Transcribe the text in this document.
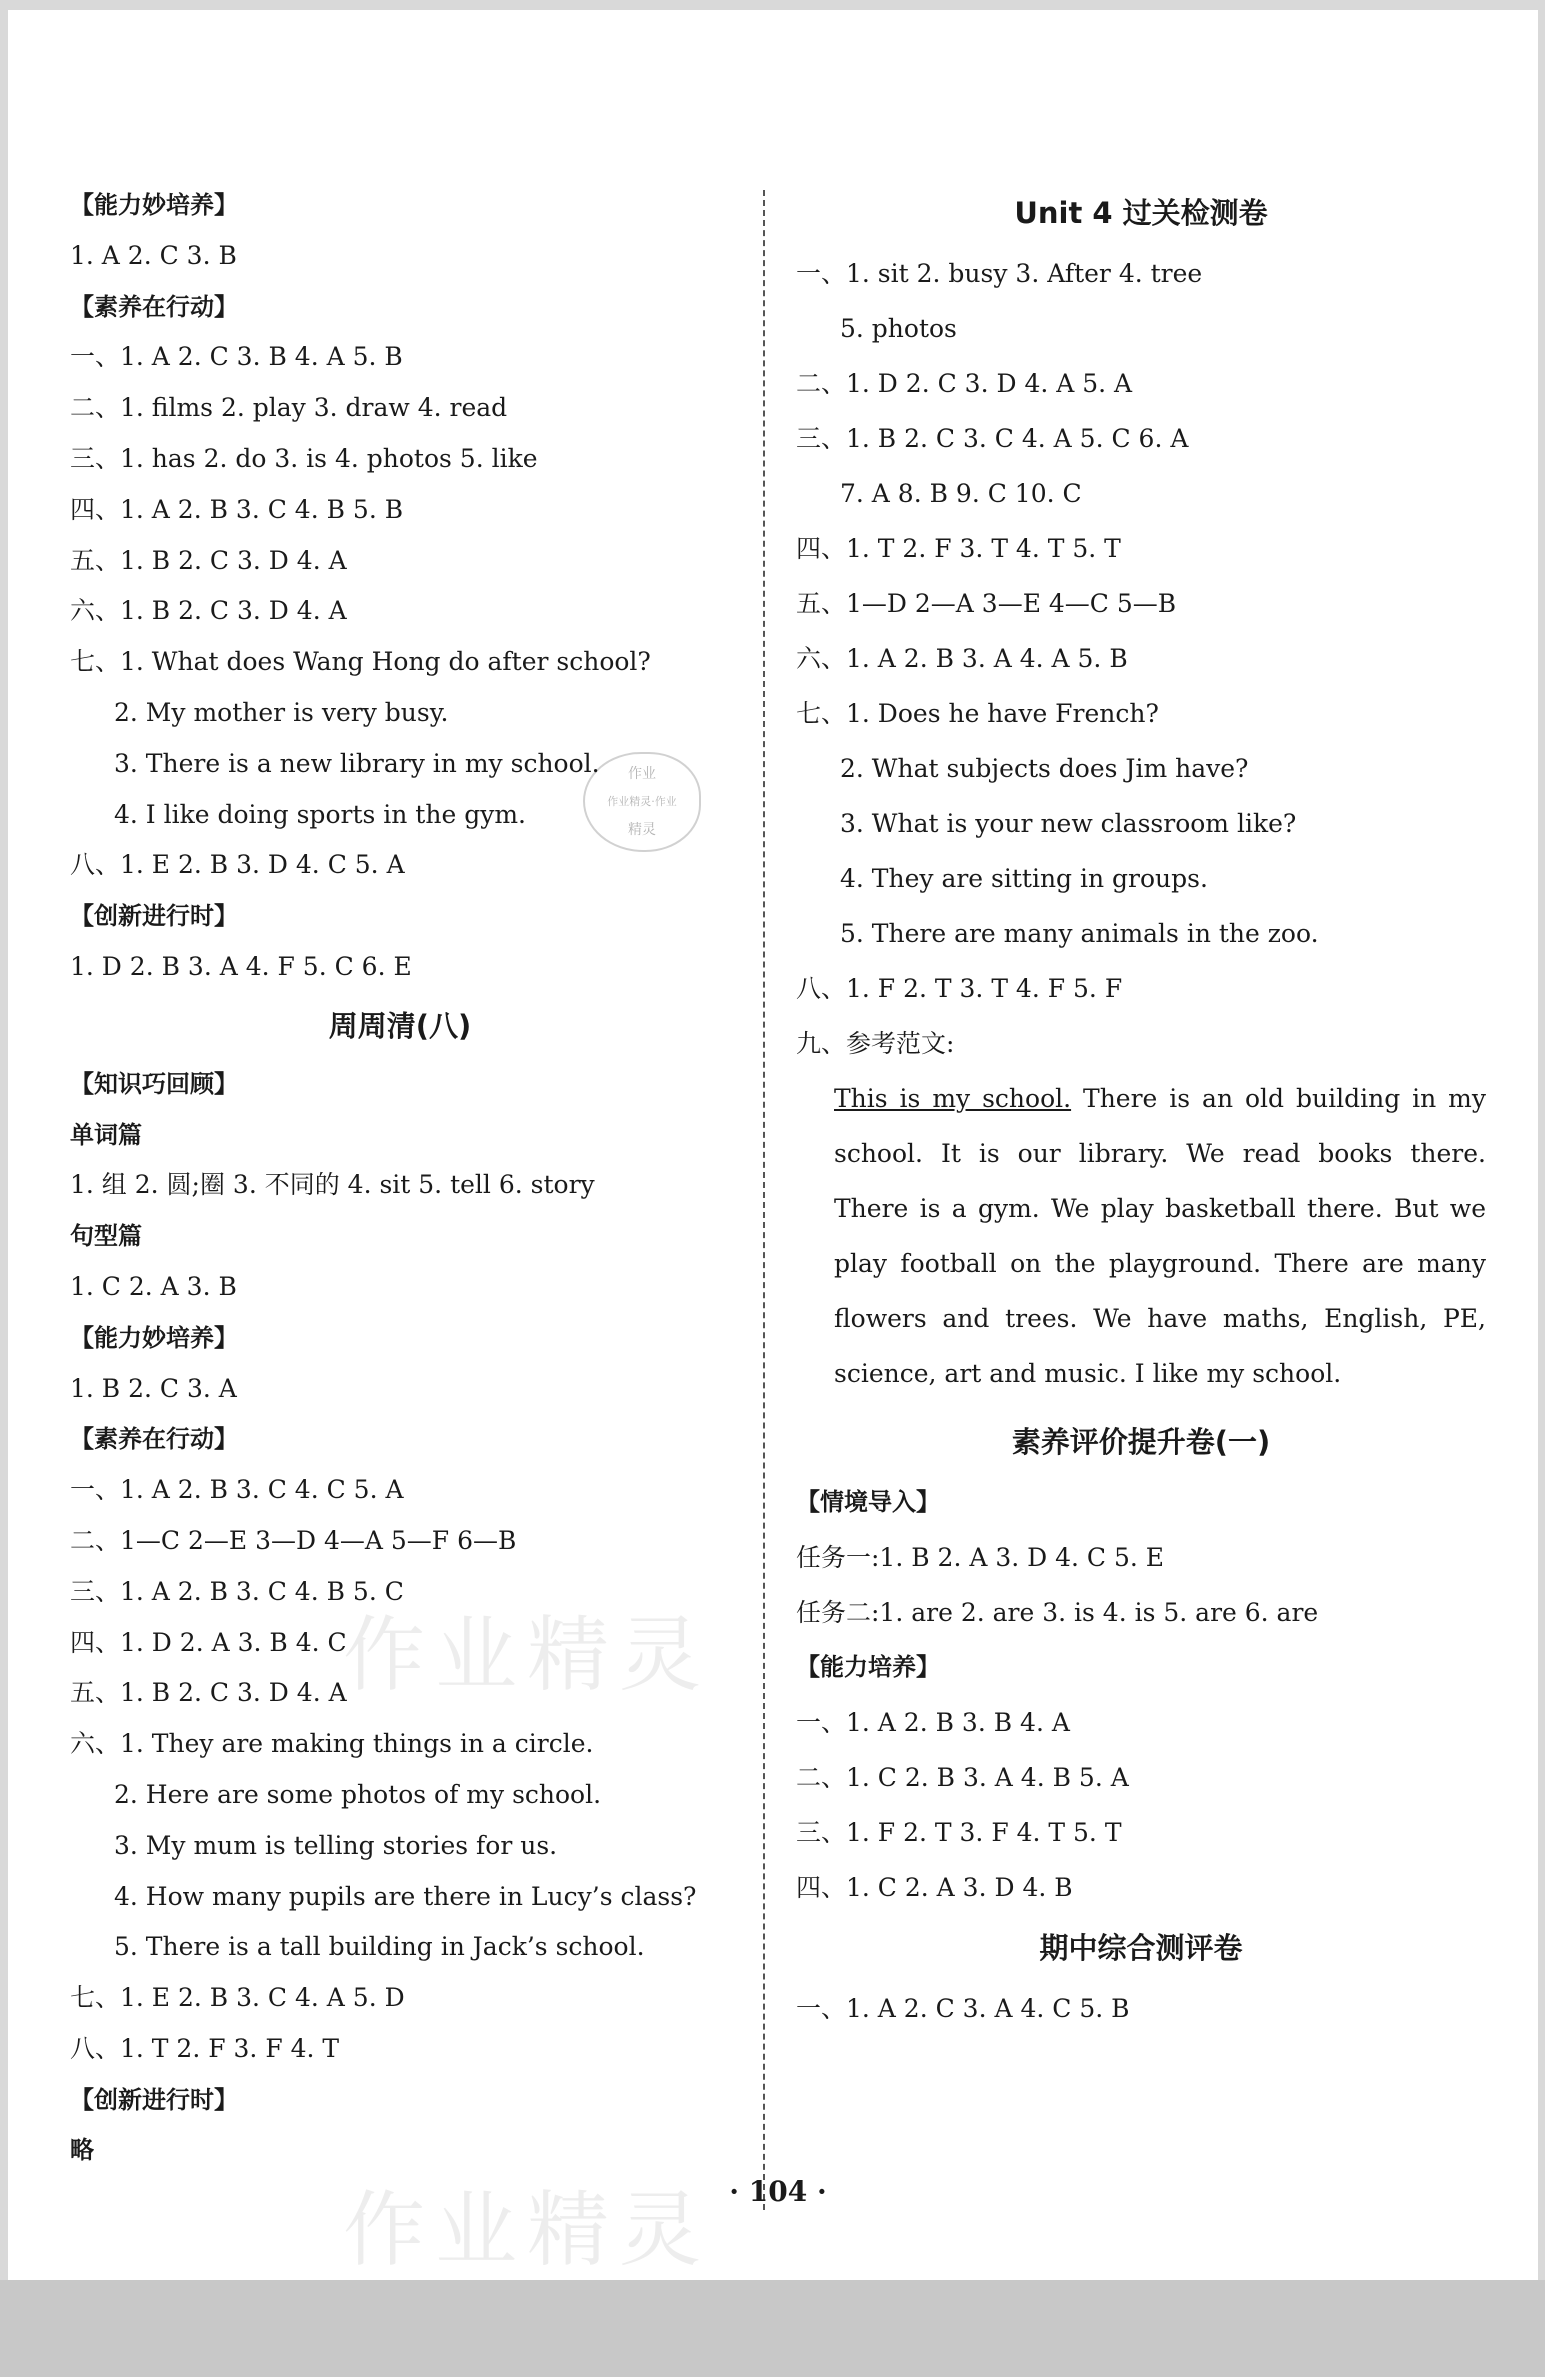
【能力妙培养】
1. A 2. C 3. B
【素养在行动】
一、1. A 2. C 3. B 4. A 5. B
二、1. films 2. play 3. draw 4. read
三、1. has 2. do 3. is 4. photos 5. like
四、1. A 2. B 3. C 4. B 5. B
五、1. B 2. C 3. D 4. A
六、1. B 2. C 3. D 4. A
七、1. What does Wang Hong do after school?
2. My mother is very busy.
3. There is a new library in my school.
4. I like doing sports in the gym.
八、1. E 2. B 3. D 4. C 5. A
【创新进行时】
1. D 2. B 3. A 4. F 5. C 6. E
周周清(八)
【知识巧回顾】
单词篇
1. 组 2. 圆;圈 3. 不同的 4. sit 5. tell 6. story
句型篇
1. C 2. A 3. B
【能力妙培养】
1. B 2. C 3. A
【素养在行动】
一、1. A 2. B 3. C 4. C 5. A
二、1—C 2—E 3—D 4—A 5—F 6—B
三、1. A 2. B 3. C 4. B 5. C
四、1. D 2. A 3. B 4. C
五、1. B 2. C 3. D 4. A
六、1. They are making things in a circle.
2. Here are some photos of my school.
3. My mum is telling stories for us.
4. How many pupils are there in Lucy’s class?
5. There is a tall building in Jack’s school.
七、1. E 2. B 3. C 4. A 5. D
八、1. T 2. F 3. F 4. T
【创新进行时】
略
Unit 4 过关检测卷
一、1. sit 2. busy 3. After 4. tree
5. photos
二、1. D 2. C 3. D 4. A 5. A
三、1. B 2. C 3. C 4. A 5. C 6. A
7. A 8. B 9. C 10. C
四、1. T 2. F 3. T 4. T 5. T
五、1—D 2—A 3—E 4—C 5—B
六、1. A 2. B 3. A 4. A 5. B
七、1. Does he have French?
2. What subjects does Jim have?
3. What is your new classroom like?
4. They are sitting in groups.
5. There are many animals in the zoo.
八、1. F 2. T 3. T 4. F 5. F
九、参考范文:
This is my school. There is an old building in my school. It is our library. We read books there. There is a gym. We play basketball there. But we play football on the playground. There are many flowers and trees. We have maths, English, PE, science, art and music. I like my school.
素养评价提升卷(一)
【情境导入】
任务一:1. B 2. A 3. D 4. C 5. E
任务二:1. are 2. are 3. is 4. is 5. are 6. are
【能力培养】
一、1. A 2. B 3. B 4. A
二、1. C 2. B 3. A 4. B 5. A
三、1. F 2. T 3. F 4. T 5. T
四、1. C 2. A 3. D 4. B
期中综合测评卷
一、1. A 2. C 3. A 4. C 5. B
作业精灵
作业精灵
作业
作业精灵·作业
精灵
· 104 ·
